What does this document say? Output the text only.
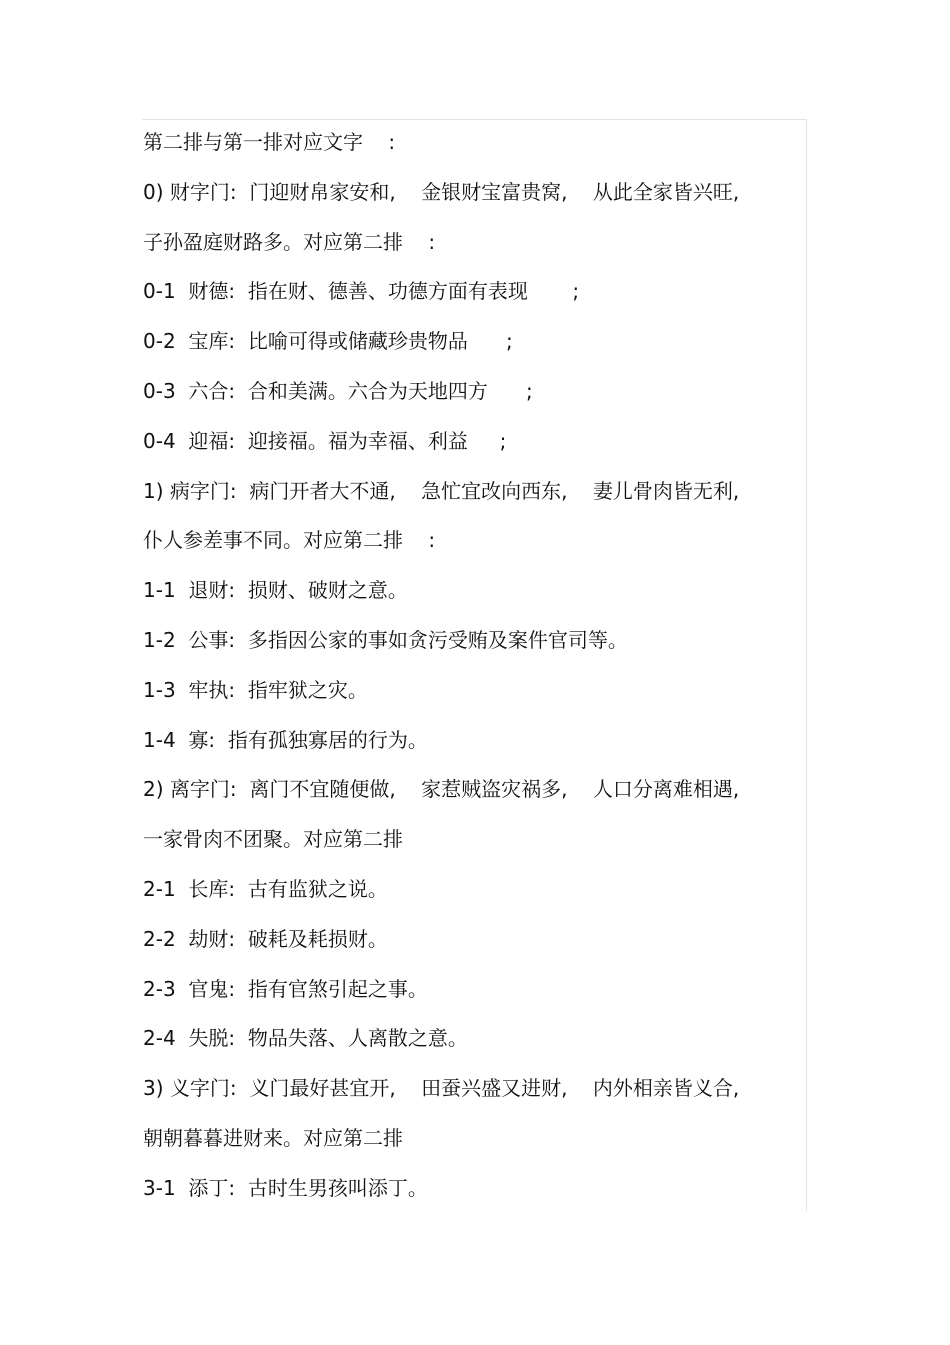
第二排与第一排对应文字    :
0) 财字门:  门迎财帛家安和,    金银财宝富贵窝,    从此全家皆兴旺,
子孙盈庭财路多。对应第二排    :
0-1  财德:  指在财、德善、功德方面有表现       ;
0-2  宝库:  比喻可得或储藏珍贵物品      ;
0-3  六合:  合和美满。六合为天地四方      ;
0-4  迎福:  迎接福。福为幸福、利益     ;
1) 病字门:  病门开者大不通,    急忙宜改向西东,    妻儿骨肉皆无利,
仆人参差事不同。对应第二排    :
1-1  退财:  损财、破财之意。
1-2  公事:  多指因公家的事如贪污受贿及案件官司等。
1-3  牢执:  指牢狱之灾。
1-4  寡:  指有孤独寡居的行为。
2) 离字门:  离门不宜随便做,    家惹贼盗灾祸多,    人口分离难相遇,
一家骨肉不团聚。对应第二排
2-1  长库:  古有监狱之说。
2-2  劫财:  破耗及耗损财。
2-3  官鬼:  指有官煞引起之事。
2-4  失脱:  物品失落、人离散之意。
3) 义字门:  义门最好甚宜开,    田蚕兴盛又进财,    内外相亲皆义合,
朝朝暮暮进财来。对应第二排
3-1  添丁:  古时生男孩叫添丁。
